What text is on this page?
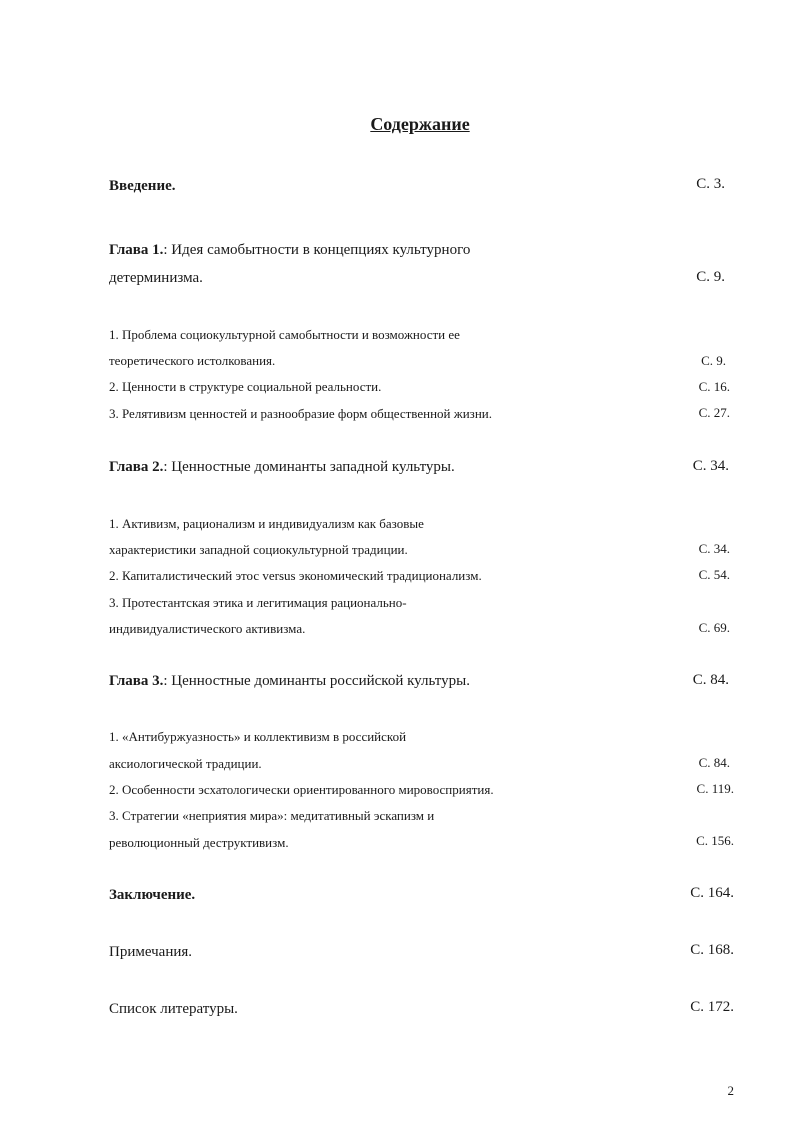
Содержание
Введение.	С. 3.
Глава 1.: Идея самобытности в концепциях культурного
детерминизма.	С. 9.
1. Проблема социокультурной самобытности и возможности ее
теоретического истолкования.	С. 9.
2. Ценности в структуре социальной реальности.	С. 16.
3. Релятивизм ценностей и разнообразие форм общественной жизни.	С. 27.
Глава 2.: Ценностные доминанты западной культуры.	С. 34.
1. Активизм, рационализм и индивидуализм как базовые
характеристики западной социокультурной традиции.	С. 34.
2. Капиталистический этос versus экономический традиционализм.	С. 54.
3. Протестантская этика и легитимация рационально-
индивидуалистического активизма.	С. 69.
Глава 3.: Ценностные доминанты российской культуры.	С. 84.
1. «Антибуржуазность» и коллективизм в российской
аксиологической традиции.	С. 84.
2. Особенности эсхатологически ориентированного мировосприятия.	С. 119.
3. Стратегии «неприятия мира»: медитативный эскапизм и
революционный деструктивизм.	С. 156.
Заключение.	С. 164.
Примечания.	С. 168.
Список литературы.	С. 172.
2
